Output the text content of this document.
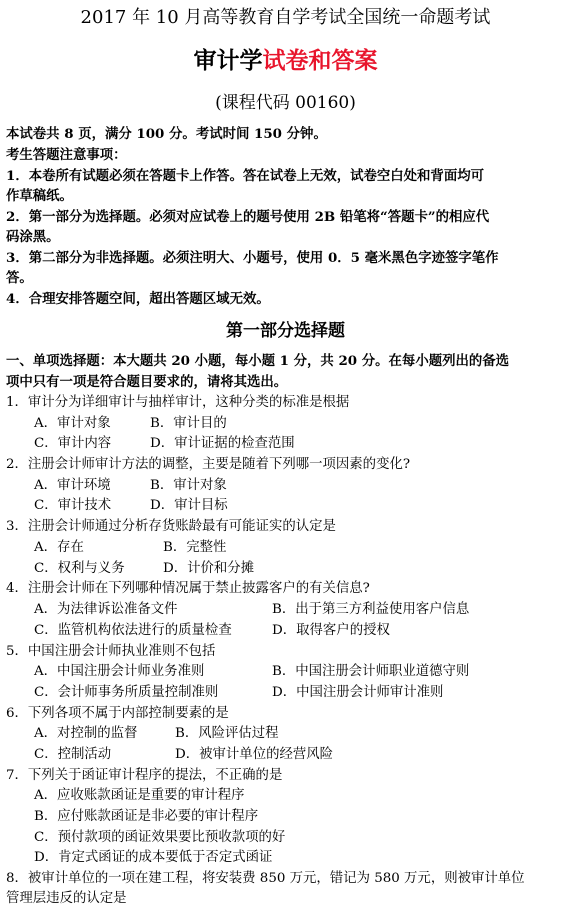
2017 年 10 月高等教育自学考试全国统一命题考试
审计学试卷和答案
(课程代码 00160)
本试卷共 8 页，满分 100 分。考试时间 150 分钟。
考生答题注意事项：
1．本卷所有试题必须在答题卡上作答。答在试卷上无效，试卷空白处和背面均可
作草稿纸。
2．第一部分为选择题。必须对应试卷上的题号使用 2B 铅笔将“答题卡”的相应代
码涂黑。
3．第二部分为非选择题。必须注明大、小题号，使用 0．5 毫米黑色字迹签字笔作
答。
4．合理安排答题空间，超出答题区域无效。
第一部分选择题
一、单项选择题：本大题共 20 小题，每小题 1 分，共 20 分。在每小题列出的备选
项中只有一项是符合题目要求的，请将其选出。
1．审计分为详细审计与抽样审计，这种分类的标准是根据
A．审计对象	B．审计目的
C．审计内容	D．审计证据的检查范围
2．注册会计师审计方法的调整，主要是随着下列哪一项因素的变化?
A．审计环境	B．审计对象
C．审计技术	D．审计目标
3．注册会计师通过分析存货账龄最有可能证实的认定是
A．存在	B．完整性
C．权利与义务	D．计价和分摊
4．注册会计师在下列哪种情况属于禁止披露客户的有关信息?
A．为法律诉讼准备文件	B．出于第三方利益使用客户信息
C．监管机构依法进行的质量检查	D．取得客户的授权
5．中国注册会计师执业准则不包括
A．中国注册会计师业务准则	B．中国注册会计师职业道德守则
C．会计师事务所质量控制准则	D．中国注册会计师审计准则
6．下列各项不属于内部控制要素的是
A．对控制的监督	B．风险评估过程
C．控制活动	D．被审计单位的经营风险
7．下列关于函证审计程序的提法，不正确的是
A．应收账款函证是重要的审计程序
B．应付账款函证是非必要的审计程序
C．预付款项的函证效果要比预收款项的好
D．肯定式函证的成本要低于否定式函证
8．被审计单位的一项在建工程，将安装费 850 万元，错记为 580 万元，则被审计单位
管理层违反的认定是
